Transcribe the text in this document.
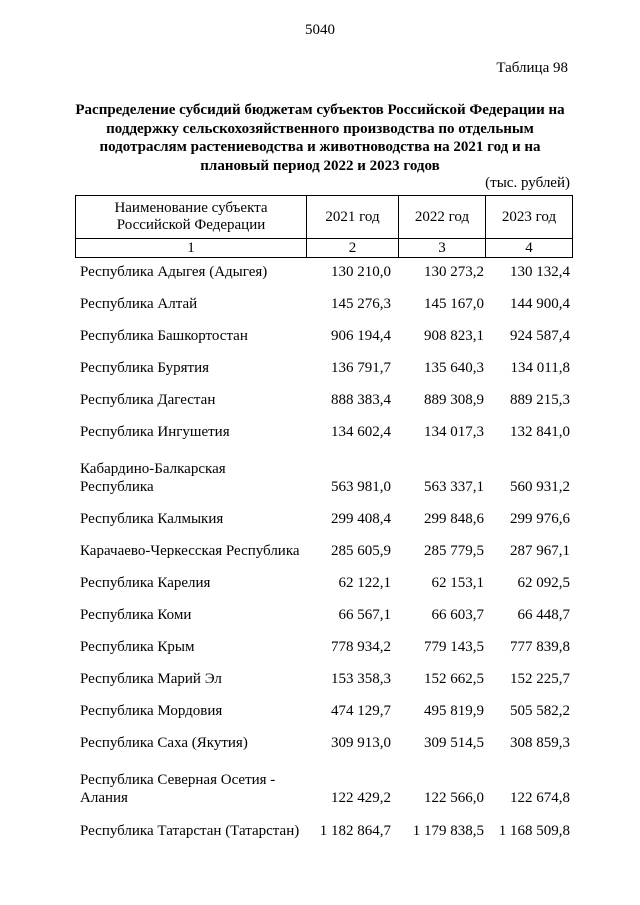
5040
Таблица 98
Распределение субсидий бюджетам субъектов Российской Федерации на
поддержку сельскохозяйственного производства по отдельным
подотраслям растениеводства и животноводства на 2021 год и на
плановый период 2022 и 2023 годов
(тыс. рублей)
Наименование субъекта
Российской Федерации	2021 год	2022 год	2023 год
1	2	3	4
Республика Адыгея (Адыгея)	130 210,0 130 273,2 130 132,4
Республика Алтай	145 276,3 145 167,0 144 900,4
Республика Башкортостан	906 194,4 908 823,1 924 587,4
Республика Бурятия	136 791,7 135 640,3 134 011,8
Республика Дагестан	888 383,4 889 308,9 889 215,3
Республика Ингушетия	134 602,4 134 017,3 132 841,0
Кабардино-Балкарская
Республика	563 981,0 563 337,1 560 931,2
Республика Калмыкия	299 408,4 299 848,6 299 976,6
Карачаево-Черкесская Республика	285 605,9 285 779,5 287 967,1
Республика Карелия	62 122,1	62 153,1 62 092,5
Республика Коми	66 567,1	66 603,7 66 448,7
Республика Крым	778 934,2 779 143,5 777 839,8
Республика Марий Эл	153 358,3 152 662,5 152 225,7
Республика Мордовия	474 129,7 495 819,9 505 582,2
Республика Саха (Якутия)	309 913,0 309 514,5 308 859,3
Республика Северная Осетия -
Алания	122 429,2 122 566,0 122 674,8
Республика Татарстан (Татарстан)	1 182 864,7 1 179 838,5 1 168 509,8
